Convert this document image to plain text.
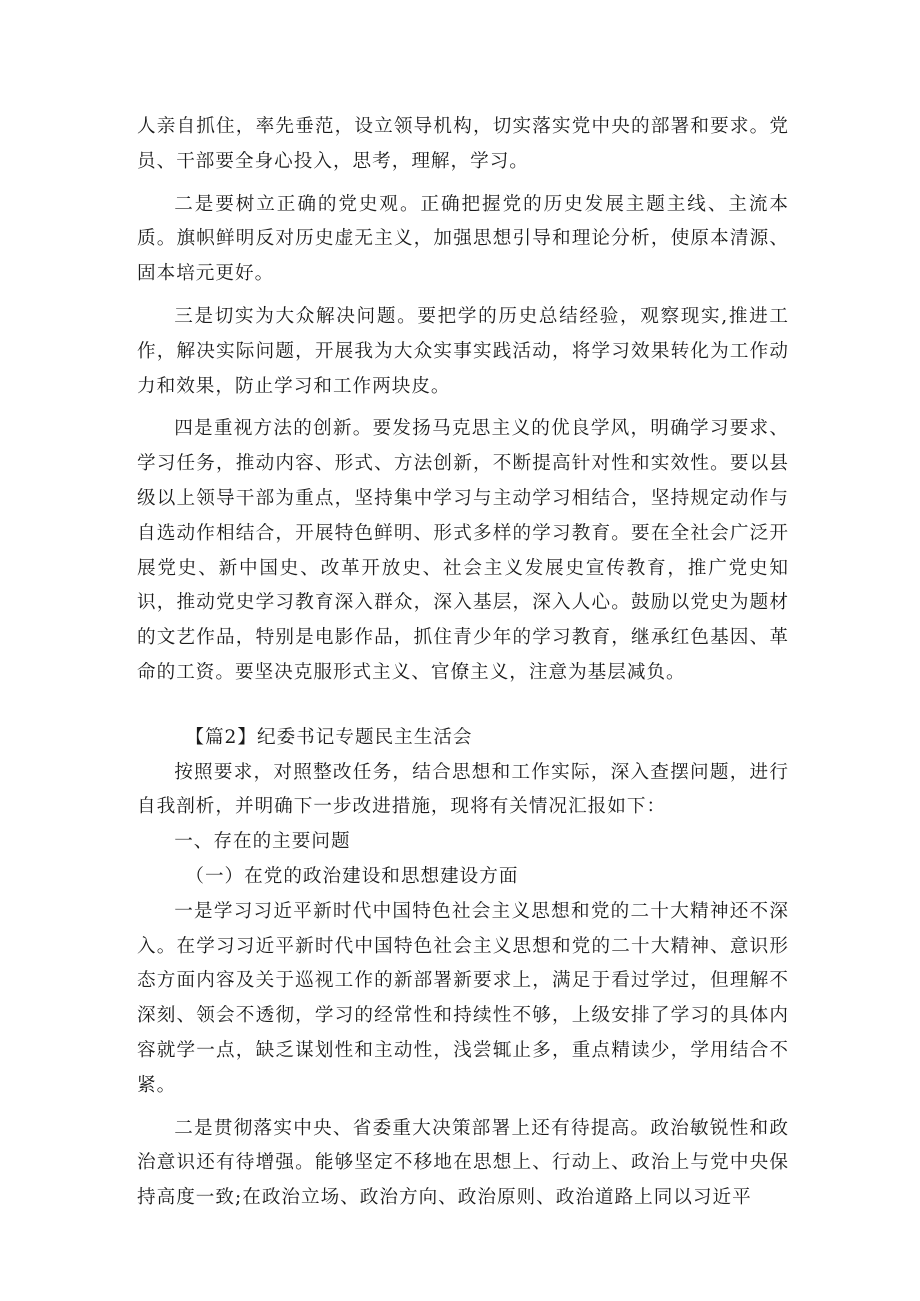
人亲自抓住，率先垂范，设立领导机构，切实落实党中央的部署和要求。党员、干部要全身心投入，思考，理解，学习。

二是要树立正确的党史观。正确把握党的历史发展主题主线、主流本质。旗帜鲜明反对历史虚无主义，加强思想引导和理论分析，使原本清源、固本培元更好。

三是切实为大众解决问题。要把学的历史总结经验，观察现实,推进工作，解决实际问题，开展我为大众实事实践活动，将学习效果转化为工作动力和效果，防止学习和工作两块皮。

四是重视方法的创新。要发扬马克思主义的优良学风，明确学习要求、学习任务，推动内容、形式、方法创新，不断提高针对性和实效性。要以县级以上领导干部为重点，坚持集中学习与主动学习相结合，坚持规定动作与自选动作相结合，开展特色鲜明、形式多样的学习教育。要在全社会广泛开展党史、新中国史、改革开放史、社会主义发展史宣传教育，推广党史知识，推动党史学习教育深入群众，深入基层，深入人心。鼓励以党史为题材的文艺作品，特别是电影作品，抓住青少年的学习教育，继承红色基因、革命的工资。要坚决克服形式主义、官僚主义，注意为基层减负。

【篇2】纪委书记专题民主生活会

按照要求，对照整改任务，结合思想和工作实际，深入查摆问题，进行自我剖析，并明确下一步改进措施，现将有关情况汇报如下：

一、存在的主要问题

（一）在党的政治建设和思想建设方面

一是学习习近平新时代中国特色社会主义思想和党的二十大精神还不深入。在学习习近平新时代中国特色社会主义思想和党的二十大精神、意识形态方面内容及关于巡视工作的新部署新要求上，满足于看过学过，但理解不深刻、领会不透彻，学习的经常性和持续性不够，上级安排了学习的具体内容就学一点，缺乏谋划性和主动性，浅尝辄止多，重点精读少，学用结合不紧。

二是贯彻落实中央、省委重大决策部署上还有待提高。政治敏锐性和政治意识还有待增强。能够坚定不移地在思想上、行动上、政治上与党中央保持高度一致;在政治立场、政治方向、政治原则、政治道路上同以习近平
